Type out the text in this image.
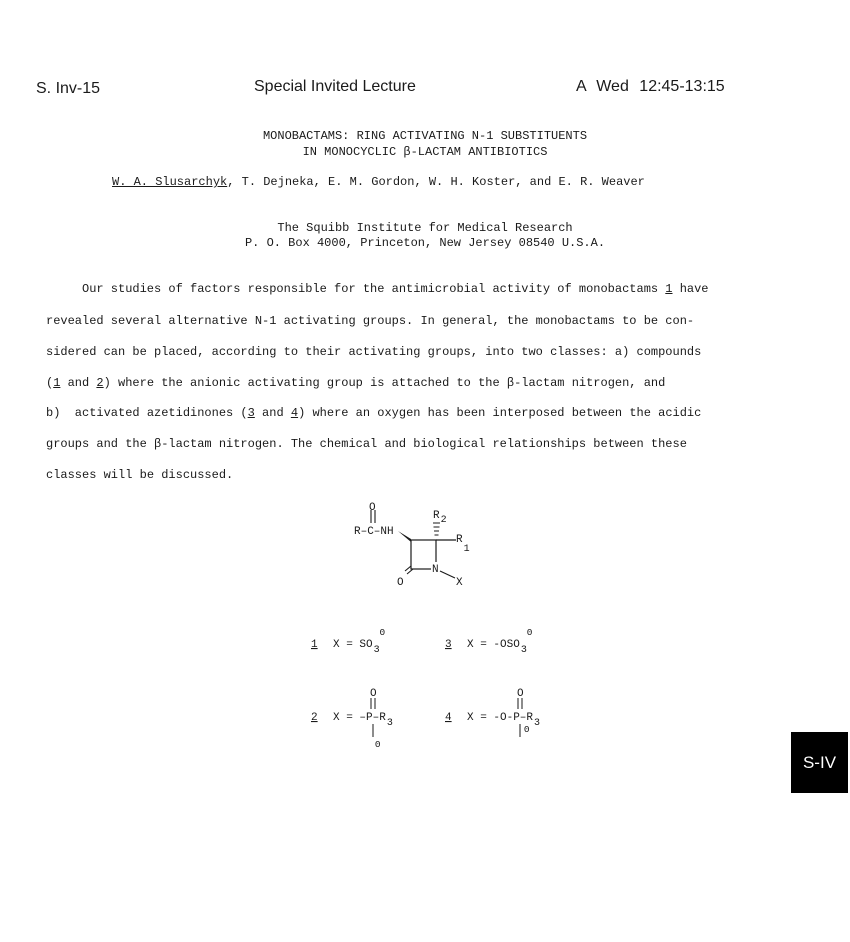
S. Inv-15	Special Invited Lecture	A Wed 12:45-13:15
MONOBACTAMS: RING ACTIVATING N-1 SUBSTITUENTS
IN MONOCYCLIC β-LACTAM ANTIBIOTICS
W. A. Slusarchyk, T. Dejneka, E. M. Gordon, W. H. Koster, and E. R. Weaver
The Squibb Institute for Medical Research
P. O. Box 4000, Princeton, New Jersey 08540 U.S.A.
Our studies of factors responsible for the antimicrobial activity of monobactams 1 have
revealed several alternative N-1 activating groups. In general, the monobactams to be con-
sidered can be placed, according to their activating groups, into two classes: a) compounds
(1 and 2) where the anionic activating group is attached to the β-lactam nitrogen, and
b)  activated azetidinones (3 and 4) where an oxygen has been interposed between the acidic
groups and the β-lactam nitrogen. The chemical and biological relationships between these
classes will be discussed.
O
R–C–NH
R2
R1
O
N
X
1 $X = SO3^\Theta$
3 $X = -OSO3^\Theta$
2 X = –P–R3
O
Θ
4 X = -O-P–R3
O
Θ
S-IV
